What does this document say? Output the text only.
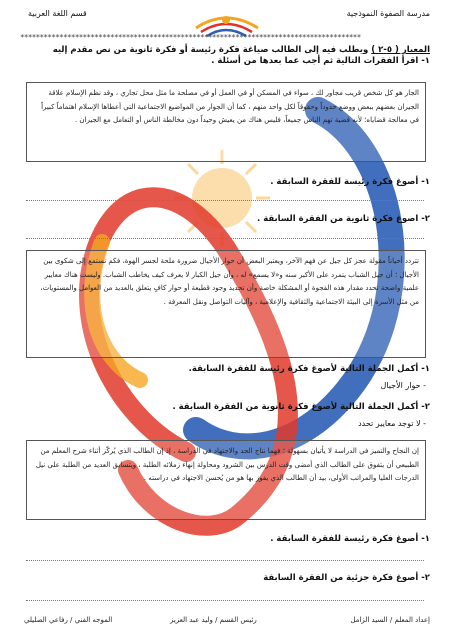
مدرسة الصفوة النموذجية
قسم اللغة العربية
***************************************************************************************
المعيار ( ٥-٢ ) ويطلب فيه إلى الطالب صياغة فكرة رئيسة أو فكرة ثانوية من نص مقدم إليه
١- اقرأ الفقرات التالية ثم أجب عما بعدها من أسئلة .
الجار هو كل شخص قريب مجاور لك ، سواء في المسكن أو في العمل أو في مصلحة ما مثل محل تجاري ، وقد نظم الإسلام علاقة الجيران بعضهم ببعض ووضع حدوداً وحقوقاً لكل واحد منهم ، كما أن الجوار من المواضيع الاجتماعية التي أعطاها الإسلام اهتماماً كبيراً في معالجة قضاياه؛ لأنه قضية تهم الناس جميعاً، فليس هناك من يعيش وحيداً دون مخالطة الناس أو التعامل مع الجيران .
١- أصوغ فكرة رئيسة للفقرة السابقة .
٢- اصوغ فكرة ثانوية من الفقرة السابقة .
تتردد أحياناً مقولة عجز كل جيل عن فهم الآخر، ويعتبر البعض أن حوار الأجيال ضرورة ملحة لجسر الهوة، فكم نستمع إلى شكوى بين الأجيال ؛ أن جيل الشباب يتمرد على الأكبر سنه و«لا يسمع» له ، وأن جيل الكبار لا يعرف كيف يخاطب الشباب. وليست هناك معايير علمية واضحة تحدد مقدار هذه الفجوة أو المشكلة خاصة وأن تحديد وجود قطيعة أو حوار كافٍ يتعلق بالعديد من العوامل والمستويات، من مثل الأسرة إلى البيئة الاجتماعية والثقافية والإعلامية ، وآليات التواصل ونقل المعرفة .
١- أكمل الجملة التالية لأصوغ فكرة رئيسة للفقرة السابقة.
- حوار الأجيال
٢- أكمل الجملة التالية لأصوغ فكرة ثانوية من الفقرة السابقة .
- لا توجد معايير تحدد
إن النجاح والتميز في الدراسة لا يأتيان بسهولة ؛ فهما نتاج الجد والاجتهاد في الدراسة ، إذ إن الطالب الذي يُركّز أثناء شرح المعلم من الطبيعي أن يتفوق على الطالب الذي أمضى وقت الدرس بين الشرود ومحاولة إنهاء زملائه الطلبة ، ويتسابق العديد من الطلبة على نيل الدرجات العليا والمراتب الأولى، بيد أن الطالب الذي يفوز بها هو من يُحسن الاجتهاد في دراسته .
١- أصوغ فكرة رئيسة للفقرة السابقة .
٢- أصوغ فكرة جزئية من الفقرة السابقة
إعداد المعلم / السيد الزامل
رئيس القسم / وليد عبد العزيز
الموجه الفني / رفاعي الصليلي
